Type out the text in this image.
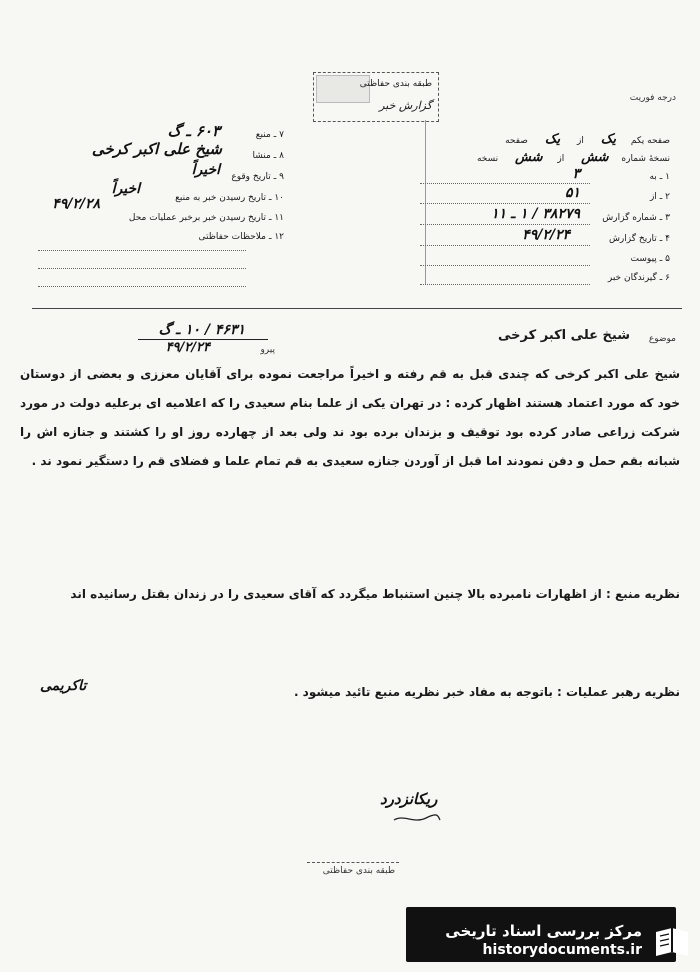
طبقه بندی حفاظتی
گزارش خبر
درجه فوریت
صفحه یکم یک از یک صفحه
نسخهٔ شماره شش از شش نسخه
۱ ـ به
۳
۲ ـ از
۵۱
۳ ـ شماره گزارش
۳۸۲۷۹ / ۱ ـ ۱۱
۴ ـ تاریخ گزارش
۴۹/۲/۲۴
۵ ـ پیوست
۶ ـ گیرندگان خبر
۷ ـ منبع
۶۰۳ ـ گ
۸ ـ منشا
شیخ علی اکبر کرخی
۹ ـ تاریخ وقوع
اخیراً
۱۰ ـ تاریخ رسیدن خبر به منبع
اخیراً
۱۱ ـ تاریخ رسیدن خبر برخبر عملیات محل
۴۹/۲/۲۸
۱۲ ـ ملاحظات حفاظتی
موضوع
شیخ علی اکبر کرخی
۴۶۳۱ / ۱۰ ـ گ
۴۹/۲/۲۴	پیرو
شیخ علی اکبر کرخی که چندی قبل به قم رفته و اخیراً مراجعت نموده برای آقایان معززی و بعضی از دوستان خود که مورد اعتماد هستند اظهار کرده : در تهران یکی از علما بنام سعیدی را که اعلامیه ای برعلیه دولت در مورد شرکت زراعی صادر کرده بود توقیف و بزندان برده بود ند ولی بعد از چهارده روز او را کشتند و جنازه اش را شبانه بقم حمل و دفن نمودند اما قبل از آوردن جنازه سعیدی به قم تمام علما و فضلای قم را دستگیر نمود ند .
نظریه منبع : از اظهارات نامبرده بالا چنین استنباط میگردد که آقای سعیدی را در زندان بقتل رسانیده اند
نظریه رهبر عملیات : باتوجه به مفاد خبر نظریه منبع تائید میشود .
تاکریمی
ریکانزدرد
طبقه بندی حفاظتی
مرکز بررسی اسناد تاریخی
historydocuments.ir
